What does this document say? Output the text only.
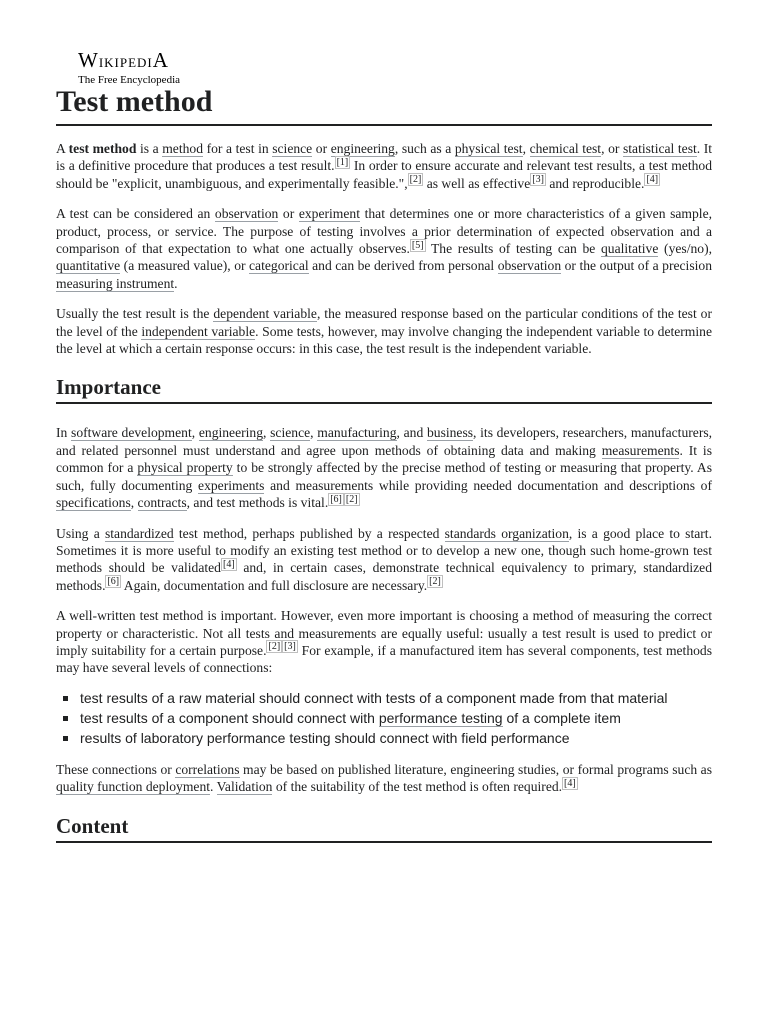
WikipediA
The Free Encyclopedia
Test method

A test method is a method for a test in science or engineering, such as a physical test, chemical test, or statistical test. It is a definitive procedure that produces a test result. [1] In order to ensure accurate and relevant test results, a test method should be "explicit, unambiguous, and experimentally feasible.", [2] as well as effective [3] and reproducible. [4]

A test can be considered an observation or experiment that determines one or more characteristics of a given sample, product, process, or service. The purpose of testing involves a prior determination of expected observation and a comparison of that expectation to what one actually observes. [5] The results of testing can be qualitative (yes/no), quantitative (a measured value), or categorical and can be derived from personal observation or the output of a precision measuring instrument.

Usually the test result is the dependent variable, the measured response based on the particular conditions of the test or the level of the independent variable. Some tests, however, may involve changing the independent variable to determine the level at which a certain response occurs: in this case, the test result is the independent variable.

Importance

In software development, engineering, science, manufacturing, and business, its developers, researchers, manufacturers, and related personnel must understand and agree upon methods of obtaining data and making measurements. It is common for a physical property to be strongly affected by the precise method of testing or measuring that property. As such, fully documenting experiments and measurements while providing needed documentation and descriptions of specifications, contracts, and test methods is vital. [6] [2]

Using a standardized test method, perhaps published by a respected standards organization, is a good place to start. Sometimes it is more useful to modify an existing test method or to develop a new one, though such home-grown test methods should be validated [4] and, in certain cases, demonstrate technical equivalency to primary, standardized methods. [6] Again, documentation and full disclosure are necessary. [2]

A well-written test method is important. However, even more important is choosing a method of measuring the correct property or characteristic. Not all tests and measurements are equally useful: usually a test result is used to predict or imply suitability for a certain purpose. [2] [3] For example, if a manufactured item has several components, test methods may have several levels of connections:

test results of a raw material should connect with tests of a component made from that material
test results of a component should connect with performance testing of a complete item
results of laboratory performance testing should connect with field performance

These connections or correlations may be based on published literature, engineering studies, or formal programs such as quality function deployment. Validation of the suitability of the test method is often required. [4]

Content
